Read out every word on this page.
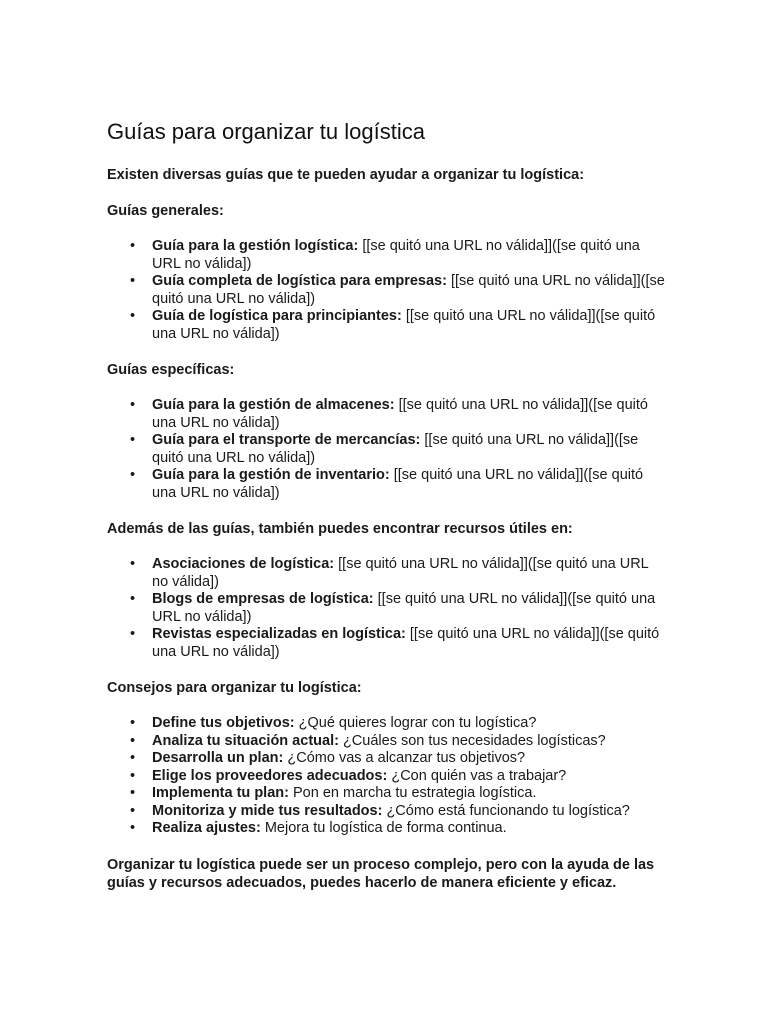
Guías para organizar tu logística

Existen diversas guías que te pueden ayudar a organizar tu logística:

Guías generales:

• Guía para la gestión logística: [[se quitó una URL no válida]]([se quitó una URL no válida])
• Guía completa de logística para empresas: [[se quitó una URL no válida]]([se quitó una URL no válida])
• Guía de logística para principiantes: [[se quitó una URL no válida]]([se quitó una URL no válida])

Guías específicas:

• Guía para la gestión de almacenes: [[se quitó una URL no válida]]([se quitó una URL no válida])
• Guía para el transporte de mercancías: [[se quitó una URL no válida]]([se quitó una URL no válida])
• Guía para la gestión de inventario: [[se quitó una URL no válida]]([se quitó una URL no válida])

Además de las guías, también puedes encontrar recursos útiles en:

• Asociaciones de logística: [[se quitó una URL no válida]]([se quitó una URL no válida])
• Blogs de empresas de logística: [[se quitó una URL no válida]]([se quitó una URL no válida])
• Revistas especializadas en logística: [[se quitó una URL no válida]]([se quitó una URL no válida])

Consejos para organizar tu logística:

• Define tus objetivos: ¿Qué quieres lograr con tu logística?
• Analiza tu situación actual: ¿Cuáles son tus necesidades logísticas?
• Desarrolla un plan: ¿Cómo vas a alcanzar tus objetivos?
• Elige los proveedores adecuados: ¿Con quién vas a trabajar?
• Implementa tu plan: Pon en marcha tu estrategia logística.
• Monitoriza y mide tus resultados: ¿Cómo está funcionando tu logística?
• Realiza ajustes: Mejora tu logística de forma continua.

Organizar tu logística puede ser un proceso complejo, pero con la ayuda de las guías y recursos adecuados, puedes hacerlo de manera eficiente y eficaz.
